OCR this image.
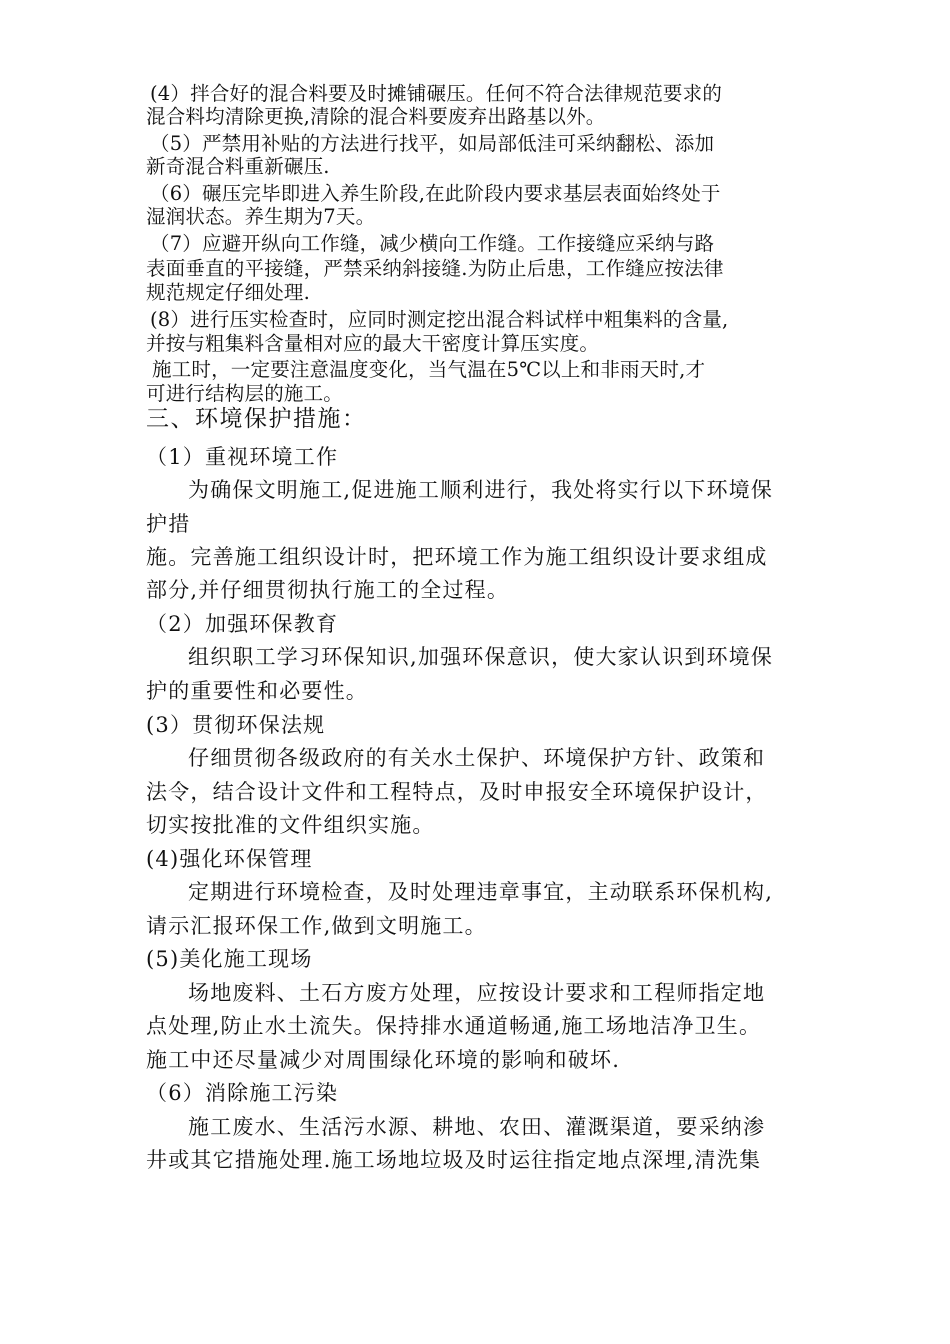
(4）拌合好的混合料要及时摊铺碾压。任何不符合法律规范要求的

混合料均清除更换,清除的混合料要废弃出路基以外。

（5）严禁用补贴的方法进行找平，如局部低洼可采纳翻松、添加

新奇混合料重新碾压.

（6）碾压完毕即进入养生阶段,在此阶段内要求基层表面始终处于

湿润状态。养生期为7天。

（7）应避开纵向工作缝，减少横向工作缝。工作接缝应采纳与路

表面垂直的平接缝，严禁采纳斜接缝.为防止后患，工作缝应按法律

规范规定仔细处理.

(8）进行压实检查时，应同时测定挖出混合料试样中粗集料的含量,

并按与粗集料含量相对应的最大干密度计算压实度。

施工时，一定要注意温度变化，当气温在5℃以上和非雨天时,才

可进行结构层的施工。

三、环境保护措施：

（1）重视环境工作

为确保文明施工,促进施工顺利进行，我处将实行以下环境保

护措

施。完善施工组织设计时，把环境工作为施工组织设计要求组成

部分,并仔细贯彻执行施工的全过程。

（2）加强环保教育

组织职工学习环保知识,加强环保意识，使大家认识到环境保

护的重要性和必要性。

(3）贯彻环保法规

仔细贯彻各级政府的有关水土保护、环境保护方针、政策和

法令，结合设计文件和工程特点，及时申报安全环境保护设计，

切实按批准的文件组织实施。

(4)强化环保管理

定期进行环境检查，及时处理违章事宜，主动联系环保机构,

请示汇报环保工作,做到文明施工。

(5)美化施工现场

场地废料、土石方废方处理，应按设计要求和工程师指定地

点处理,防止水土流失。保持排水通道畅通,施工场地洁净卫生。

施工中还尽量减少对周围绿化环境的影响和破坏.

（6）消除施工污染

施工废水、生活污水源、耕地、农田、灌溉渠道，要采纳渗

井或其它措施处理.施工场地垃圾及时运往指定地点深埋,清洗集
